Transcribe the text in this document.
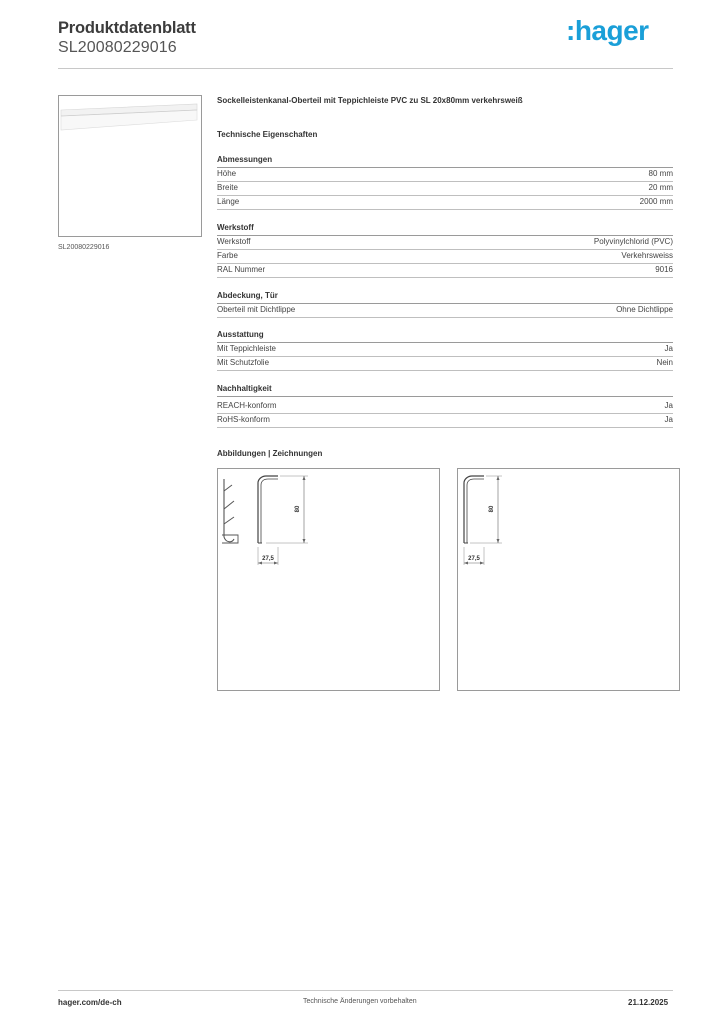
Produktdatenblatt
SL20080229016
:hager
SL20080229016
Sockelleistenkanal-Oberteil mit Teppichleiste PVC zu SL 20x80mm verkehrsweiß
Technische Eigenschaften
Abmessungen
Höhe	80 mm
Breite	20 mm
Länge	2000 mm
Werkstoff
Werkstoff	Polyvinylchlorid (PVC)
Farbe	Verkehrsweiss
RAL Nummer	9016
Abdeckung, Tür
Oberteil mit Dichtlippe	Ohne Dichtlippe
Ausstattung
Mit Teppichleiste	Ja
Mit Schutzfolie	Nein
Nachhaltigkeit
REACH-konform	Ja
RoHS-konform	Ja
Abbildungen | Zeichnungen
80
27,5
80
27,5
hager.com/de-ch	Technische Änderungen vorbehalten	21.12.2025
